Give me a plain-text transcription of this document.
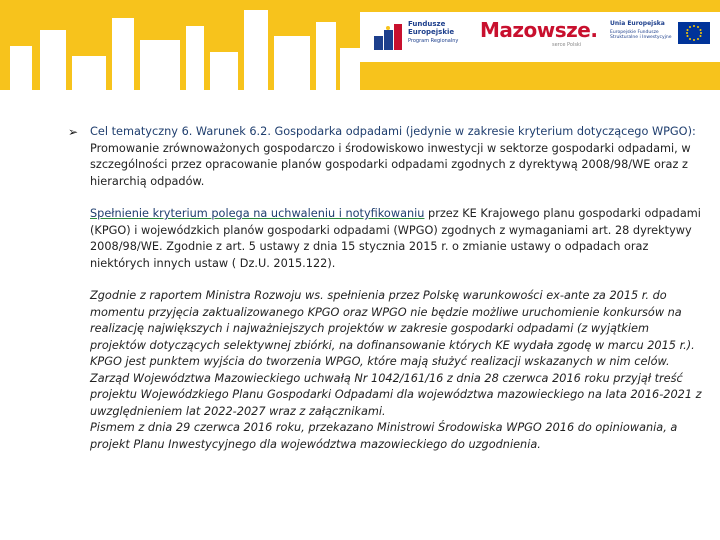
Fundusze
Europejskie
Program Regionalny Mazowsze.
serce Polski
Unia Europejska
Europejskie Fundusze
Strukturalne i Inwestycyjne
➢ Cel tematyczny 6. Warunek 6.2. Gospodarka odpadami (jedynie w zakresie kryterium dotyczącego WPGO):

Promowanie zrównoważonych gospodarczo i środowiskowo inwestycji w sektorze gospodarki odpadami, w szczególności przez opracowanie planów gospodarki odpadami zgodnych z dyrektywą 2008/98/WE oraz z hierarchią odpadów.

Spełnienie kryterium polega na uchwaleniu i notyfikowaniu przez KE Krajowego planu gospodarki odpadami (KPGO) i wojewódzkich planów gospodarki odpadami (WPGO) zgodnych z wymaganiami art. 28 dyrektywy 2008/98/WE. Zgodnie z art. 5 ustawy z dnia 15 stycznia 2015 r. o zmianie ustawy o odpadach oraz niektórych innych ustaw ( Dz.U. 2015.122).

Zgodnie z raportem Ministra Rozwoju ws. spełnienia przez Polskę warunkowości ex-ante za 2015 r. do momentu przyjęcia zaktualizowanego KPGO oraz WPGO nie będzie możliwe uruchomienie konkursów na realizację największych i najważniejszych projektów w zakresie gospodarki odpadami (z wyjątkiem projektów dotyczących selektywnej zbiórki, na dofinansowanie których KE wydała zgodę w marcu 2015 r.). KPGO jest punktem wyjścia do tworzenia WPGO, które mają służyć realizacji wskazanych w nim celów.

Zarząd Województwa Mazowieckiego uchwałą Nr 1042/161/16 z dnia 28 czerwca 2016 roku przyjął treść projektu Wojewódzkiego Planu Gospodarki Odpadami dla województwa mazowieckiego na lata 2016-2021 z uwzględnieniem lat 2022-2027 wraz z załącznikami.

Pismem z dnia 29 czerwca 2016 roku, przekazano Ministrowi Środowiska WPGO 2016 do opiniowania, a projekt Planu Inwestycyjnego dla województwa mazowieckiego do uzgodnienia.
